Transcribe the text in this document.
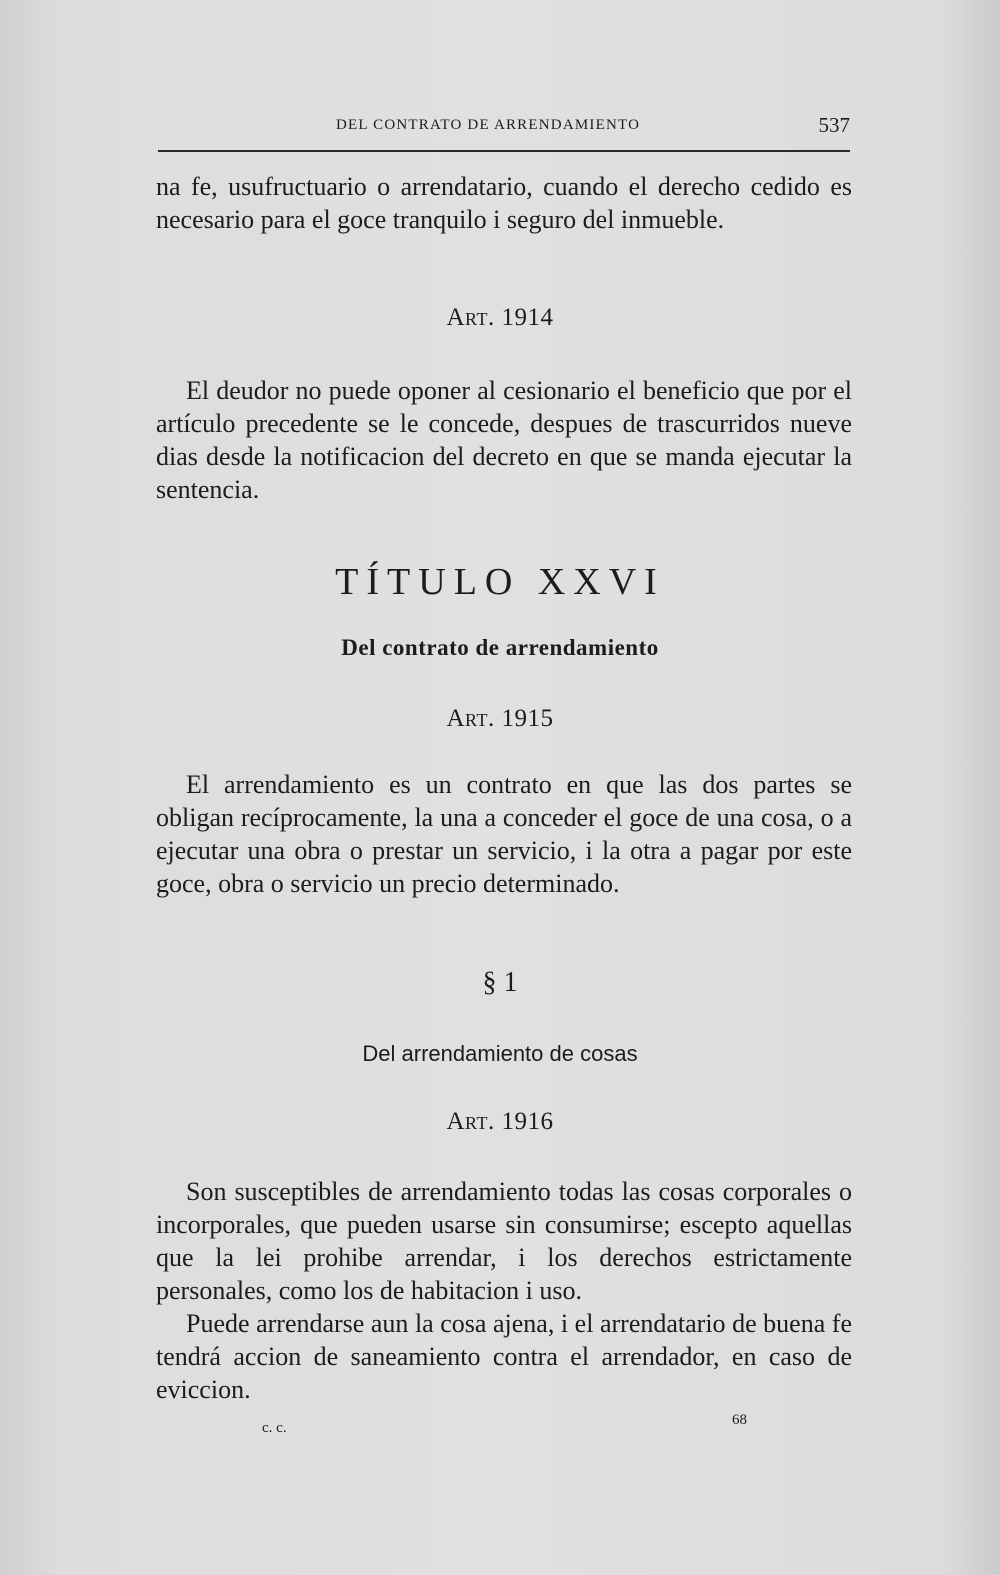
DEL CONTRATO DE ARRENDAMIENTO	537

na fe, usufructuario o arrendatario, cuando el derecho cedido es necesario para el goce tranquilo i seguro del inmueble.

Art. 1914

El deudor no puede oponer al cesionario el beneficio que por el artículo precedente se le concede, despues de trascurridos nueve dias desde la notificacion del decreto en que se manda ejecutar la sentencia.

TÍTULO XXVI
Del contrato de arrendamiento
Art. 1915

El arrendamiento es un contrato en que las dos partes se obligan recíprocamente, la una a conceder el goce de una cosa, o a ejecutar una obra o prestar un servicio, i la otra a pagar por este goce, obra o servicio un precio determinado.

§ 1
Del arrendamiento de cosas
Art. 1916

Son susceptibles de arrendamiento todas las cosas corporales o incorporales, que pueden usarse sin consumirse; escepto aquellas que la lei prohibe arrendar, i los derechos estrictamente personales, como los de habitacion i uso.

Puede arrendarse aun la cosa ajena, i el arrendatario de buena fe tendrá accion de saneamiento contra el arrendador, en caso de eviccion.

c. c.	68
